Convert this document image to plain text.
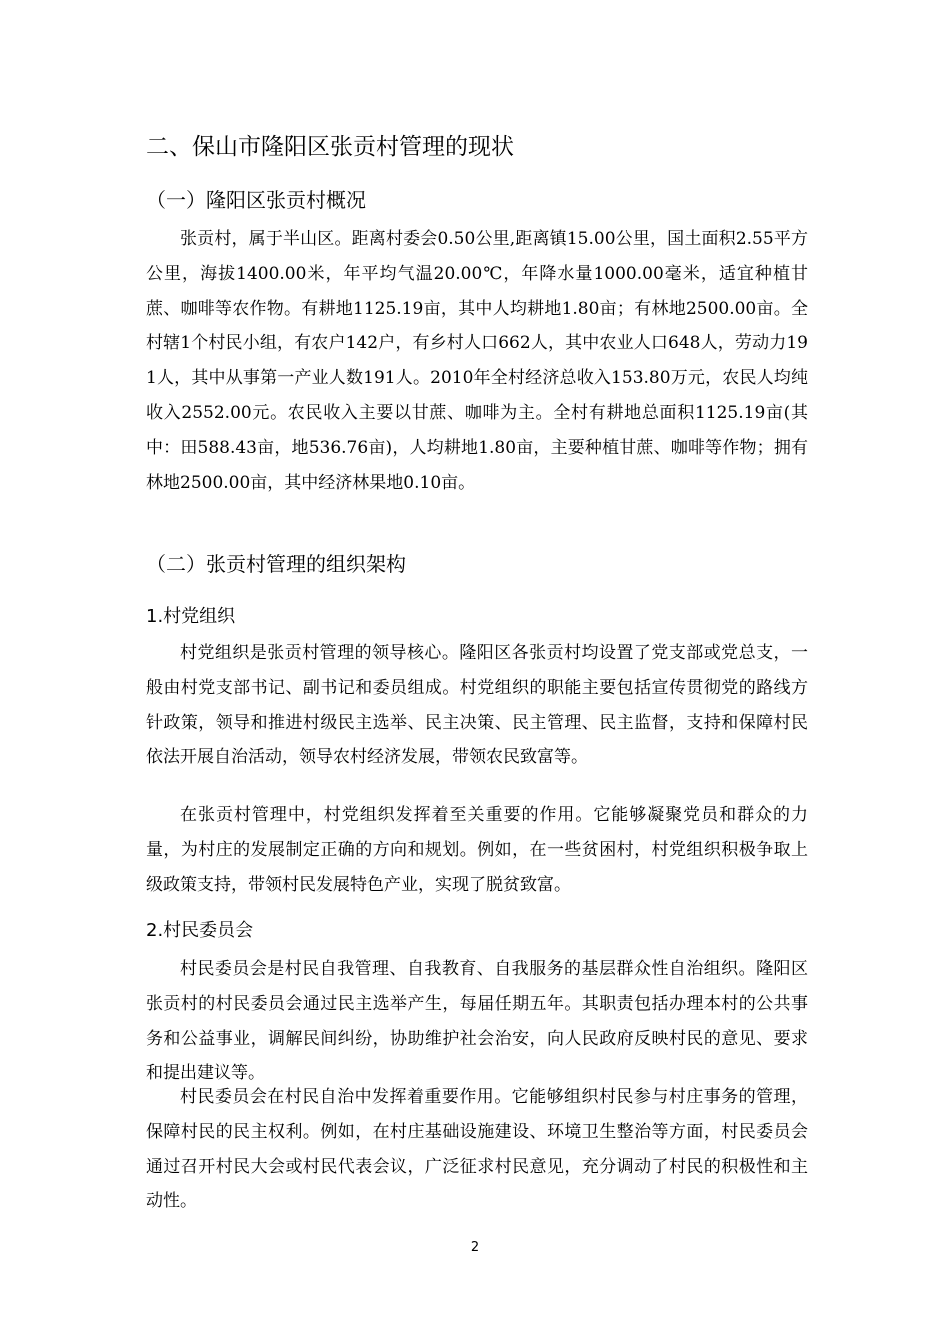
二、保山市隆阳区张贡村管理的现状
（一）隆阳区张贡村概况

张贡村，属于半山区。距离村委会0.50公里,距离镇15.00公里，国土面积2.55平方公里，海拔1400.00米，年平均气温20.00℃，年降水量1000.00毫米，适宜种植甘蔗、咖啡等农作物。有耕地1125.19亩，其中人均耕地1.80亩；有林地2500.00亩。全村辖1个村民小组，有农户142户，有乡村人口662人，其中农业人口648人，劳动力191人，其中从事第一产业人数191人。2010年全村经济总收入153.80万元，农民人均纯收入2552.00元。农民收入主要以甘蔗、咖啡为主。全村有耕地总面积1125.19亩(其中：田588.43亩，地536.76亩)，人均耕地1.80亩，主要种植甘蔗、咖啡等作物；拥有林地2500.00亩，其中经济林果地0.10亩。

（二）张贡村管理的组织架构
1.村党组织

村党组织是张贡村管理的领导核心。隆阳区各张贡村均设置了党支部或党总支，一般由村党支部书记、副书记和委员组成。村党组织的职能主要包括宣传贯彻党的路线方针政策，领导和推进村级民主选举、民主决策、民主管理、民主监督，支持和保障村民依法开展自治活动，领导农村经济发展，带领农民致富等。

在张贡村管理中，村党组织发挥着至关重要的作用。它能够凝聚党员和群众的力量，为村庄的发展制定正确的方向和规划。例如，在一些贫困村，村党组织积极争取上级政策支持，带领村民发展特色产业，实现了脱贫致富。

2.村民委员会

村民委员会是村民自我管理、自我教育、自我服务的基层群众性自治组织。隆阳区张贡村的村民委员会通过民主选举产生，每届任期五年。其职责包括办理本村的公共事务和公益事业，调解民间纠纷，协助维护社会治安，向人民政府反映村民的意见、要求和提出建议等。

村民委员会在村民自治中发挥着重要作用。它能够组织村民参与村庄事务的管理，保障村民的民主权利。例如，在村庄基础设施建设、环境卫生整治等方面，村民委员会通过召开村民大会或村民代表会议，广泛征求村民意见，充分调动了村民的积极性和主动性。

2
